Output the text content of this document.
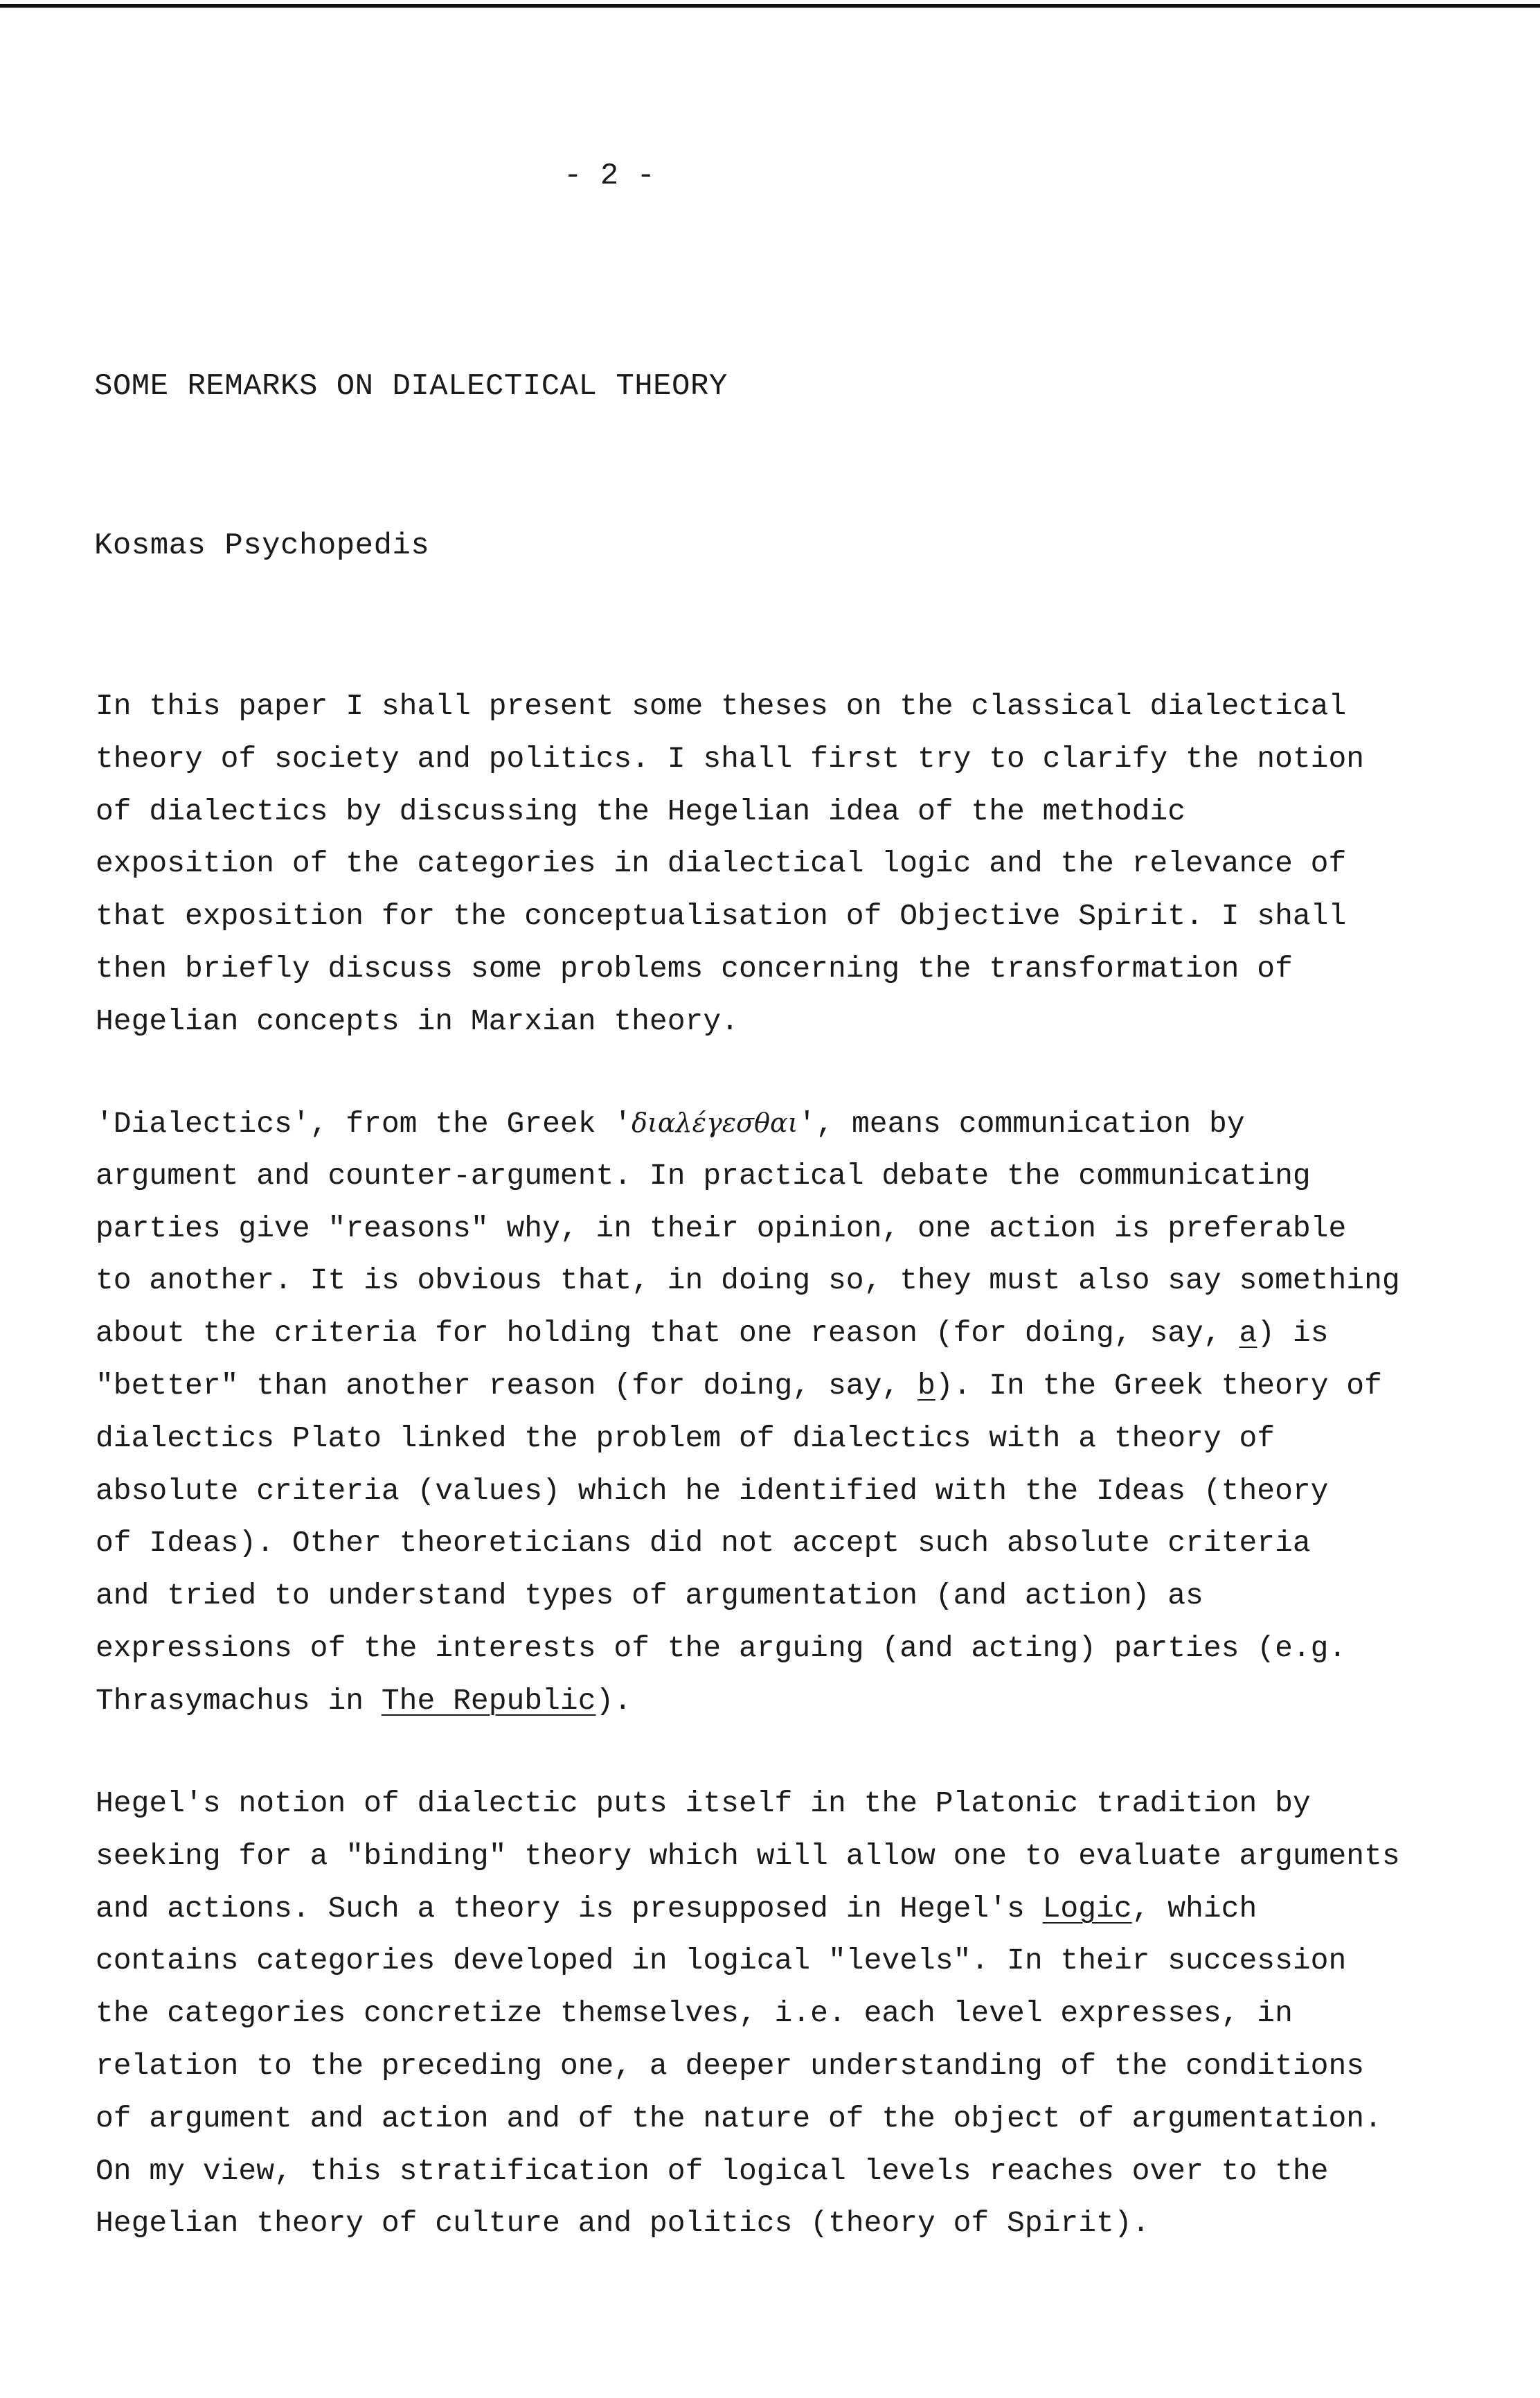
- 2 -
SOME REMARKS ON DIALECTICAL THEORY
Kosmas Psychopedis
In this paper I shall present some theses on the classical dialectical
theory of society and politics. I shall first try to clarify the notion
of dialectics by discussing the Hegelian idea of the methodic
exposition of the categories in dialectical logic and the relevance of
that exposition for the conceptualisation of Objective Spirit. I shall
then briefly discuss some problems concerning the transformation of
Hegelian concepts in Marxian theory.
'Dialectics', from the Greek 'διαλέγεσθαι', means communication by
argument and counter-argument. In practical debate the communicating
parties give "reasons" why, in their opinion, one action is preferable
to another. It is obvious that, in doing so, they must also say something
about the criteria for holding that one reason (for doing, say, a) is
"better" than another reason (for doing, say, b). In the Greek theory of
dialectics Plato linked the problem of dialectics with a theory of
absolute criteria (values) which he identified with the Ideas (theory
of Ideas). Other theoreticians did not accept such absolute criteria
and tried to understand types of argumentation (and action) as
expressions of the interests of the arguing (and acting) parties (e.g.
Thrasymachus in The Republic).
Hegel's notion of dialectic puts itself in the Platonic tradition by
seeking for a "binding" theory which will allow one to evaluate arguments
and actions. Such a theory is presupposed in Hegel's Logic, which
contains categories developed in logical "levels". In their succession
the categories concretize themselves, i.e. each level expresses, in
relation to the preceding one, a deeper understanding of the conditions
of argument and action and of the nature of the object of argumentation.
On my view, this stratification of logical levels reaches over to the
Hegelian theory of culture and politics (theory of Spirit).
